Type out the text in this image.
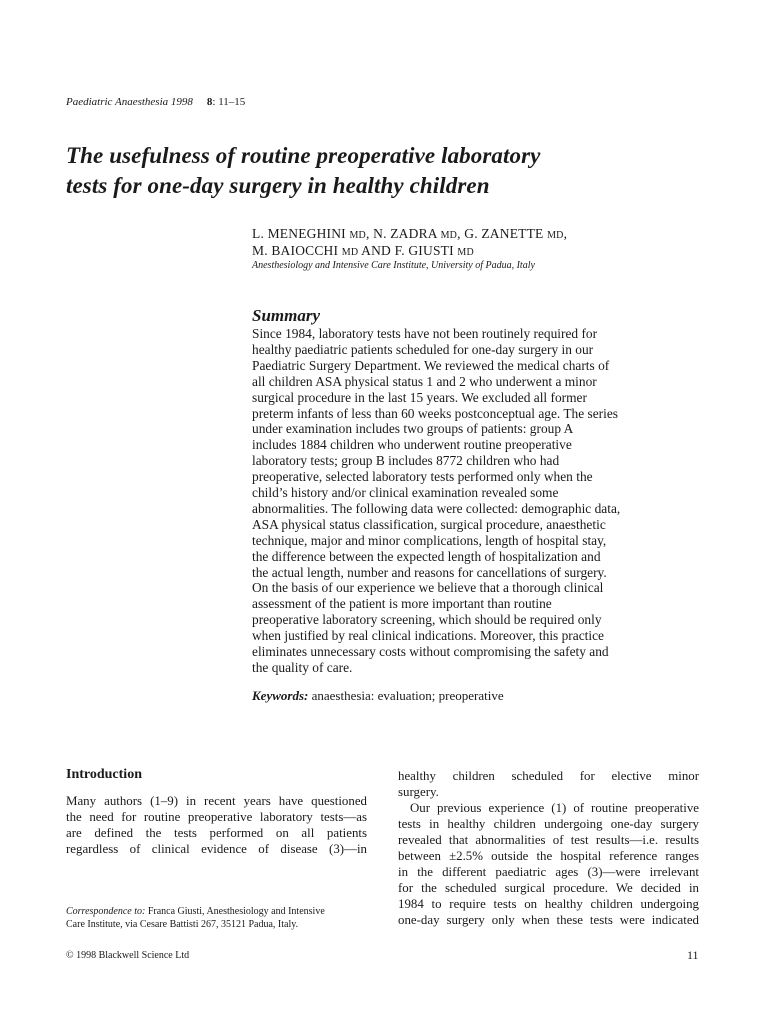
Paediatric Anaesthesia 1998 8: 11–15
The usefulness of routine preoperative laboratory
tests for one-day surgery in healthy children
L. MENEGHINI MD, N. ZADRA MD, G. ZANETTE MD,
M. BAIOCCHI MD AND F. GIUSTI MD
Anesthesiology and Intensive Care Institute, University of Padua, Italy
Summary
Since 1984, laboratory tests have not been routinely required for
healthy paediatric patients scheduled for one-day surgery in our
Paediatric Surgery Department. We reviewed the medical charts of
all children ASA physical status 1 and 2 who underwent a minor
surgical procedure in the last 15 years. We excluded all former
preterm infants of less than 60 weeks postconceptual age. The series
under examination includes two groups of patients: group A
includes 1884 children who underwent routine preoperative
laboratory tests; group B includes 8772 children who had
preoperative, selected laboratory tests performed only when the
child’s history and/or clinical examination revealed some
abnormalities. The following data were collected: demographic data,
ASA physical status classification, surgical procedure, anaesthetic
technique, major and minor complications, length of hospital stay,
the difference between the expected length of hospitalization and
the actual length, number and reasons for cancellations of surgery.
On the basis of our experience we believe that a thorough clinical
assessment of the patient is more important than routine
preoperative laboratory screening, which should be required only
when justified by real clinical indications. Moreover, this practice
eliminates unnecessary costs without compromising the safety and
the quality of care.
Keywords: anaesthesia: evaluation; preoperative
Introduction
Many authors (1–9) in recent years have questioned
the need for routine preoperative laboratory tests—as
are defined the tests performed on all patients
regardless of clinical evidence of disease (3)—in
healthy children scheduled for elective minor
surgery.
Our previous experience (1) of routine preoperative
tests in healthy children undergoing one-day surgery
revealed that abnormalities of test results—i.e. results
between ±2.5% outside the hospital reference ranges
in the different paediatric ages (3)—were irrelevant
for the scheduled surgical procedure. We decided in
1984 to require tests on healthy children undergoing
one-day surgery only when these tests were indicated
Correspondence to: Franca Giusti, Anesthesiology and Intensive
Care Institute, via Cesare Battisti 267, 35121 Padua, Italy.
© 1998 Blackwell Science Ltd	11
